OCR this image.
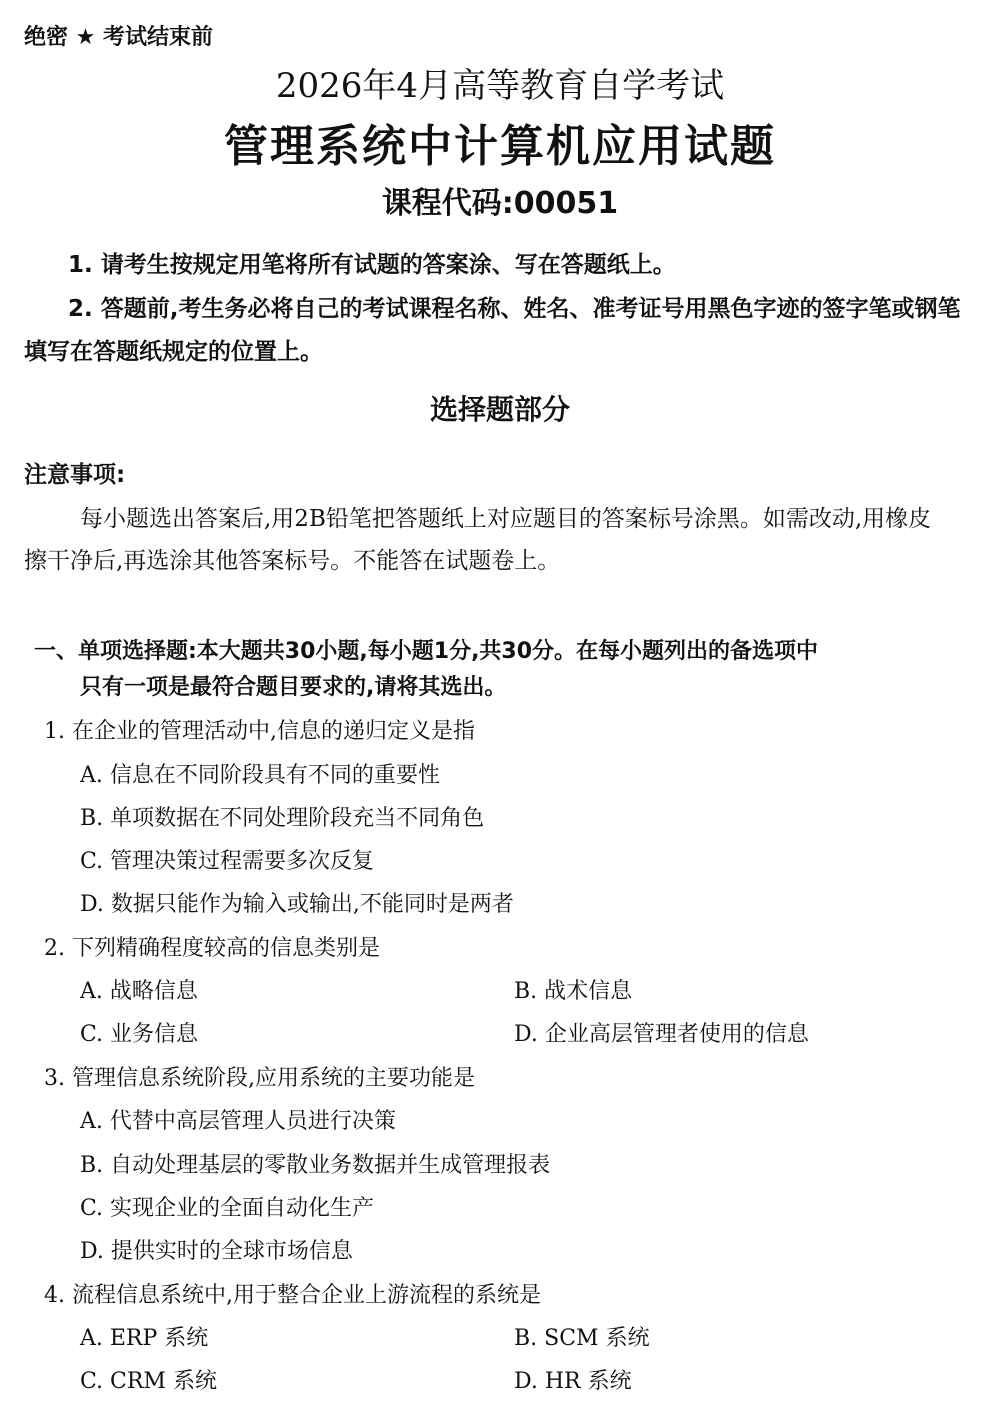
绝密 ★ 考试结束前
2026年4月高等教育自学考试
管理系统中计算机应用试题
课程代码:00051
1. 请考生按规定用笔将所有试题的答案涂、写在答题纸上。
2. 答题前,考生务必将自己的考试课程名称、姓名、准考证号用黑色字迹的签字笔或钢笔
填写在答题纸规定的位置上。
选择题部分
注意事项:
每小题选出答案后,用2B铅笔把答题纸上对应题目的答案标号涂黑。如需改动,用橡皮
擦干净后,再选涂其他答案标号。不能答在试题卷上。
一、单项选择题:本大题共30小题,每小题1分,共30分。在每小题列出的备选项中
只有一项是最符合题目要求的,请将其选出。
1. 在企业的管理活动中,信息的递归定义是指
A. 信息在不同阶段具有不同的重要性
B. 单项数据在不同处理阶段充当不同角色
C. 管理决策过程需要多次反复
D. 数据只能作为输入或输出,不能同时是两者
2. 下列精确程度较高的信息类别是
A. 战略信息	B. 战术信息
C. 业务信息	D. 企业高层管理者使用的信息
3. 管理信息系统阶段,应用系统的主要功能是
A. 代替中高层管理人员进行决策
B. 自动处理基层的零散业务数据并生成管理报表
C. 实现企业的全面自动化生产
D. 提供实时的全球市场信息
4. 流程信息系统中,用于整合企业上游流程的系统是
A. ERP 系统	B. SCM 系统
C. CRM 系统	D. HR 系统
